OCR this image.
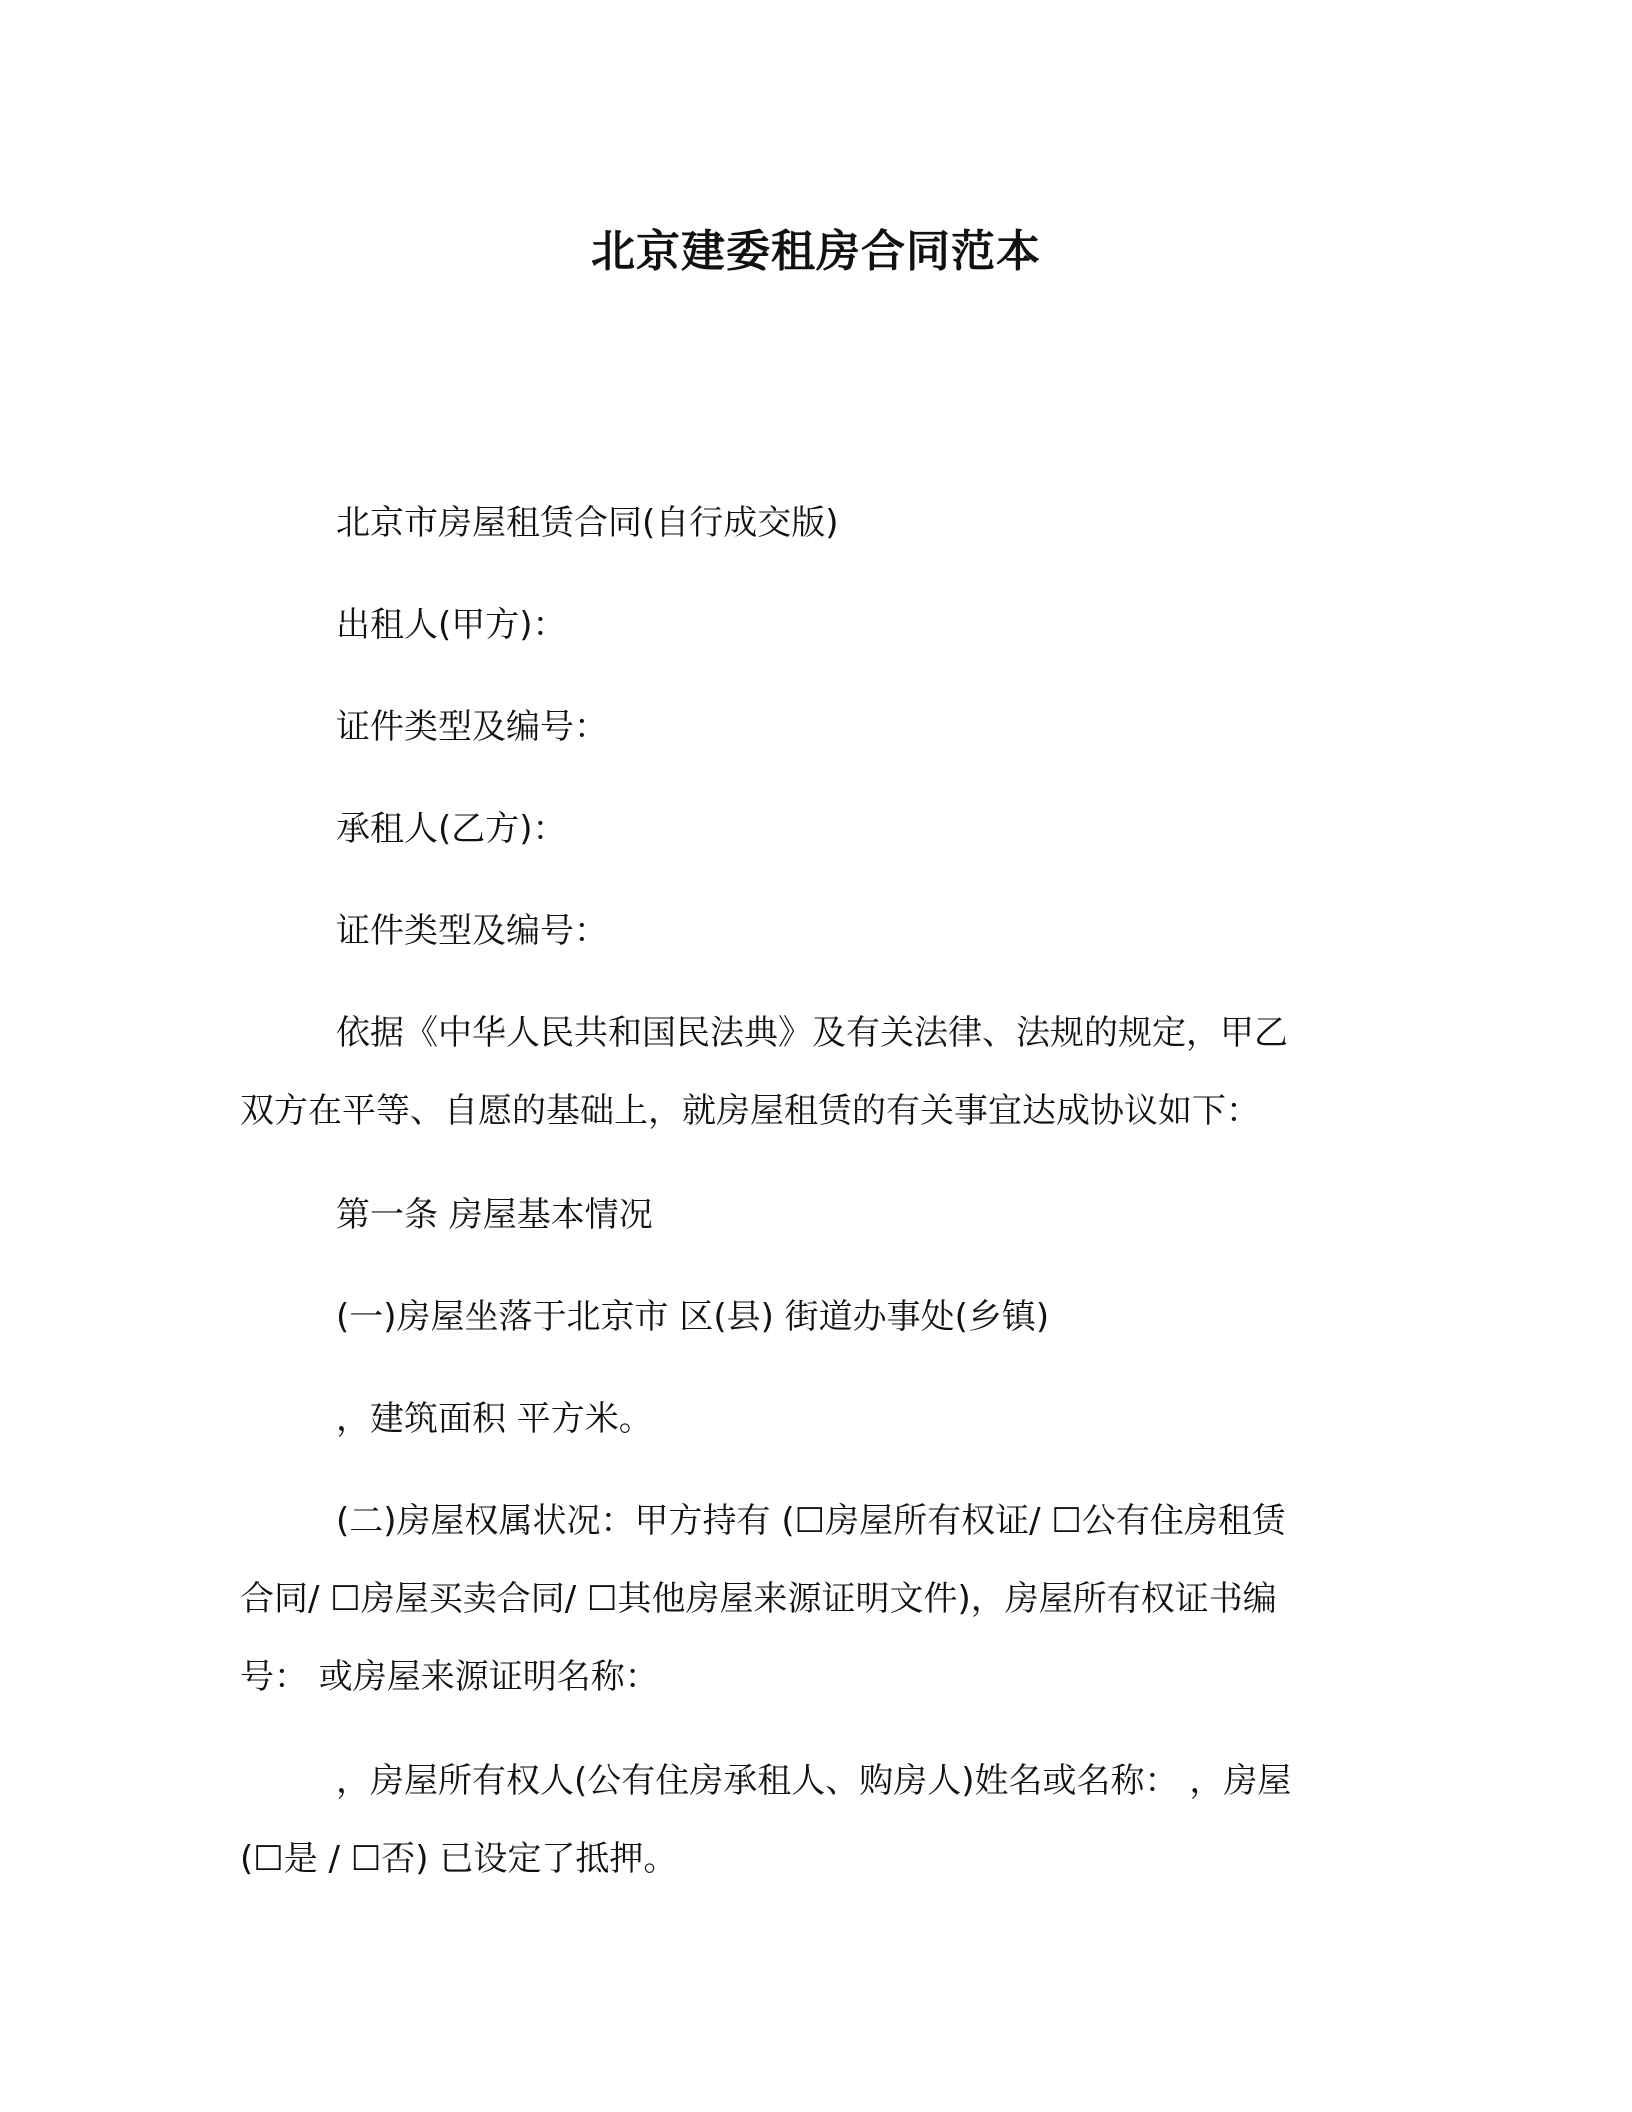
北京建委租房合同范本
北京市房屋租赁合同(自行成交版)
出租人(甲方)：
证件类型及编号：
承租人(乙方)：
证件类型及编号：
依据《中华人民共和国民法典》及有关法律、法规的规定，甲乙
双方在平等、自愿的基础上，就房屋租赁的有关事宜达成协议如下：
第一条 房屋基本情况
(一)房屋坐落于北京市 区(县) 街道办事处(乡镇)
，建筑面积 平方米。
(二)房屋权属状况：甲方持有 (☐房屋所有权证/ ☐公有住房租赁
合同/ ☐房屋买卖合同/ ☐其他房屋来源证明文件)，房屋所有权证书编
号： 或房屋来源证明名称：
，房屋所有权人(公有住房承租人、购房人)姓名或名称： ，房屋
(☐是 / ☐否) 已设定了抵押。
